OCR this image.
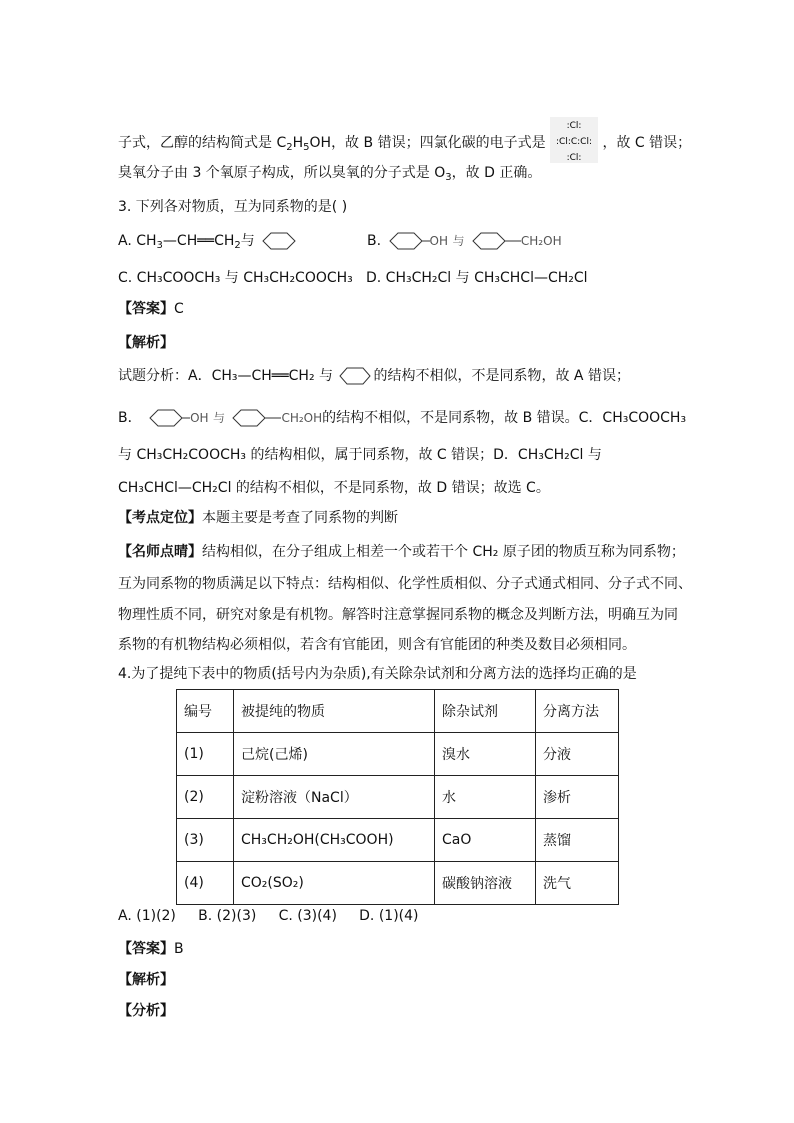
子式，乙醇的结构简式是 $C_2H_5OH$，故 B 错误；四氯化碳的电子式是
:Cl:
:Cl:C:Cl:
:Cl:
，故 C 错误；
臭氧分子由 3 个氧原子构成，所以臭氧的分子式是 $O_3$，故 D 正确。
3. 下列各对物质，互为同系物的是( )
A. $CH_3—CH══CH_2$与	B.	OH 与	CH₂OH
C. CH₃COOCH₃ 与 CH₃CH₂COOCH₃ D. CH₃CH₂Cl 与 CH₃CHCl—CH₂Cl
【答案】C
【解析】
试题分析：A．CH₃—CH══CH₂ 与	的结构不相似，不是同系物，故 A 错误；
B．	OH 与	CH₂OH的结构不相似，不是同系物，故 B 错误。C．CH₃COOCH₃
与 CH₃CH₂COOCH₃ 的结构相似，属于同系物，故 C 错误；D．CH₃CH₂Cl 与
CH₃CHCl—CH₂Cl 的结构不相似，不是同系物，故 D 错误；故选 C。
【考点定位】本题主要是考查了同系物的判断
【名师点晴】结构相似，在分子组成上相差一个或若干个 CH₂ 原子团的物质互称为同系物；
互为同系物的物质满足以下特点：结构相似、化学性质相似、分子式通式相同、分子式不同、
物理性质不同，研究对象是有机物。解答时注意掌握同系物的概念及判断方法，明确互为同
系物的有机物结构必须相似，若含有官能团，则含有官能团的种类及数目必须相同。
4.为了提纯下表中的物质(括号内为杂质),有关除杂试剂和分离方法的选择均正确的是
编号	被提纯的物质	除杂试剂	分离方法
(1)	己烷(己烯)	溴水	分液
(2)	淀粉溶液（NaCl）	水	渗析
(3)	CH₃CH₂OH(CH₃COOH)	CaO	蒸馏
(4)	CO₂(SO₂)	碳酸钠溶液	洗气
A. (1)(2)     B. (2)(3)     C. (3)(4)     D. (1)(4)
【答案】B
【解析】
【分析】
